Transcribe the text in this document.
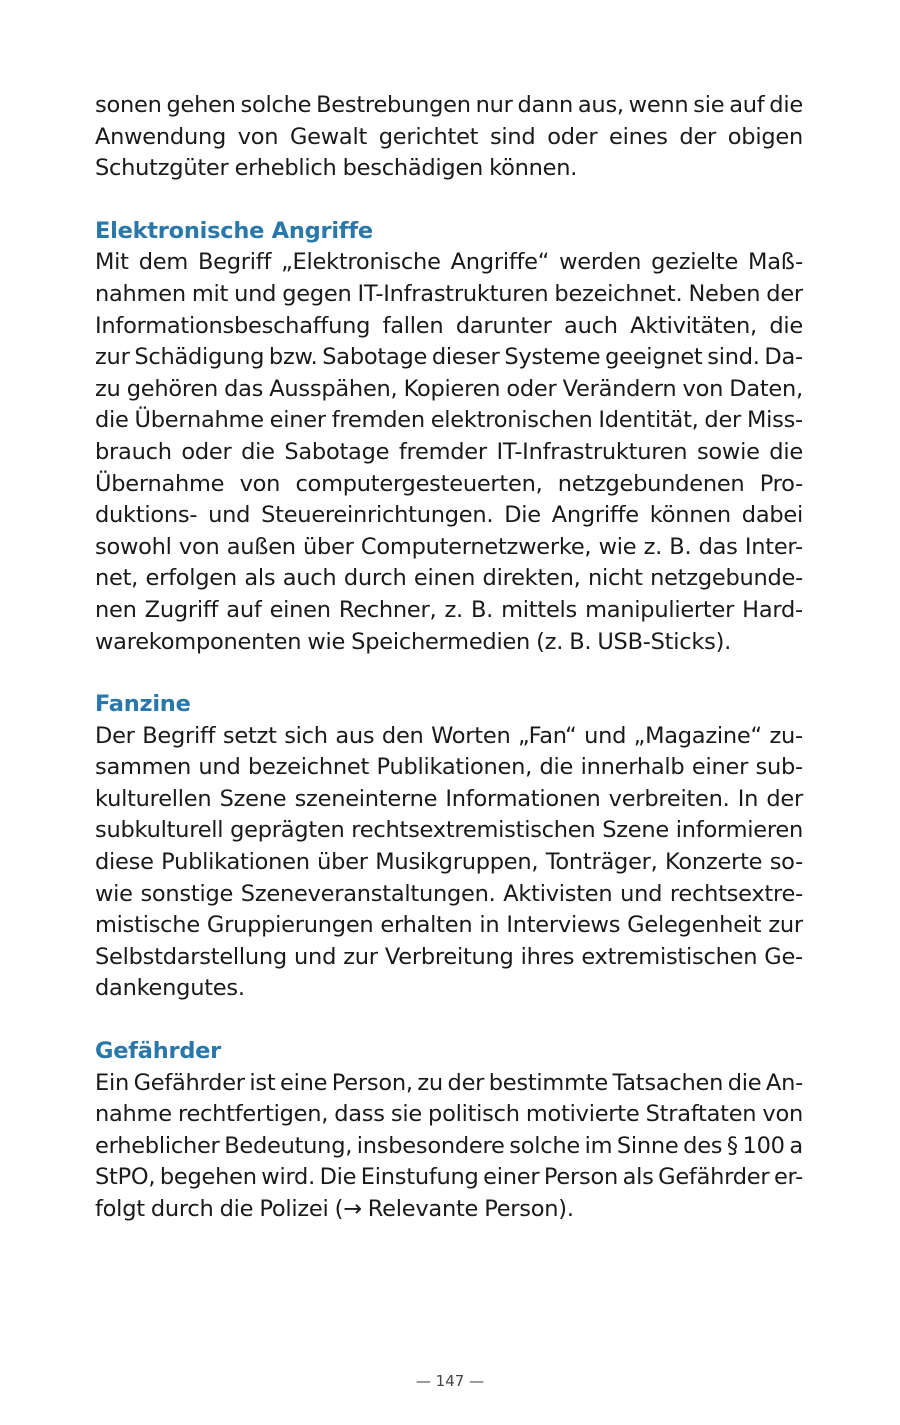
sonen gehen solche Bestrebungen nur dann aus, wenn sie auf die
Anwendung von Gewalt gerichtet sind oder eines der obigen
Schutzgüter erheblich beschädigen können.
Elektronische Angriffe
Mit dem Begriff „Elektronische Angriffe“ werden gezielte Maß-
nahmen mit und gegen IT-Infrastrukturen bezeichnet. Neben der
Informationsbeschaffung fallen darunter auch Aktivitäten, die
zur Schädigung bzw. Sabotage dieser Systeme geeignet sind. Da-
zu gehören das Ausspähen, Kopieren oder Verändern von Daten,
die Übernahme einer fremden elektronischen Identität, der Miss-
brauch oder die Sabotage fremder IT-Infrastrukturen sowie die
Übernahme von computergesteuerten, netzgebundenen Pro-
duktions- und Steuereinrichtungen. Die Angriffe können dabei
sowohl von außen über Computernetzwerke, wie z. B. das Inter-
net, erfolgen als auch durch einen direkten, nicht netzgebunde-
nen Zugriff auf einen Rechner, z. B. mittels manipulierter Hard-
warekomponenten wie Speichermedien (z. B. USB-Sticks).
Fanzine
Der Begriff setzt sich aus den Worten „Fan“ und „Magazine“ zu-
sammen und bezeichnet Publikationen, die innerhalb einer sub-
kulturellen Szene szeneinterne Informationen verbreiten. In der
subkulturell geprägten rechtsextremistischen Szene informieren
diese Publikationen über Musikgruppen, Tonträger, Konzerte so-
wie sonstige Szeneveranstaltungen. Aktivisten und rechtsextre-
mistische Gruppierungen erhalten in Interviews Gelegenheit zur
Selbstdarstellung und zur Verbreitung ihres extremistischen Ge-
dankengutes.
Gefährder
Ein Gefährder ist eine Person, zu der bestimmte Tatsachen die An-
nahme rechtfertigen, dass sie politisch motivierte Straftaten von
erheblicher Bedeutung, insbesondere solche im Sinne des § 100 a
StPO, begehen wird. Die Einstufung einer Person als Gefährder er-
folgt durch die Polizei (→ Relevante Person).
— 147 —
